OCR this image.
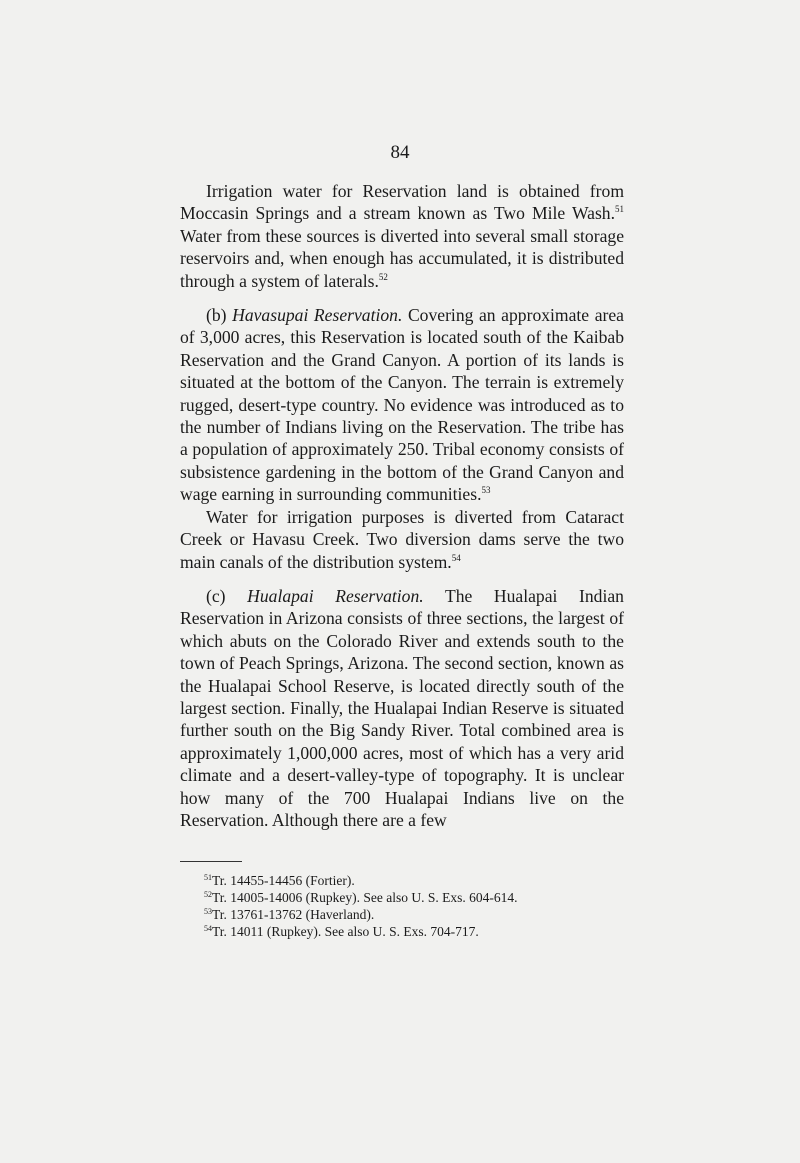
84

Irrigation water for Reservation land is obtained from Moccasin Springs and a stream known as Two Mile Wash.$^{51}$ Water from these sources is diverted into several small storage reservoirs and, when enough has accumulated, it is distributed through a system of laterals.$^{52}$

(b) Havasupai Reservation. Covering an approximate area of 3,000 acres, this Reservation is located south of the Kaibab Reservation and the Grand Canyon. A portion of its lands is situated at the bottom of the Canyon. The terrain is extremely rugged, desert-type country. No evidence was introduced as to the number of Indians living on the Reservation. The tribe has a population of approximately 250. Tribal economy consists of subsistence gardening in the bottom of the Grand Canyon and wage earning in surrounding communities.$^{53}$

Water for irrigation purposes is diverted from Cataract Creek or Havasu Creek. Two diversion dams serve the two main canals of the distribution system.$^{54}$

(c) Hualapai Reservation. The Hualapai Indian Reservation in Arizona consists of three sections, the largest of which abuts on the Colorado River and extends south to the town of Peach Springs, Arizona. The second section, known as the Hualapai School Reserve, is located directly south of the largest section. Finally, the Hualapai Indian Reserve is situated further south on the Big Sandy River. Total combined area is approximately 1,000,000 acres, most of which has a very arid climate and a desert-valley-type of topography. It is unclear how many of the 700 Hualapai Indians live on the Reservation. Although there are a few

$^{51}$Tr. 14455-14456 (Fortier).
$^{52}$Tr. 14005-14006 (Rupkey). See also U. S. Exs. 604-614.
$^{53}$Tr. 13761-13762 (Haverland).
$^{54}$Tr. 14011 (Rupkey). See also U. S. Exs. 704-717.
